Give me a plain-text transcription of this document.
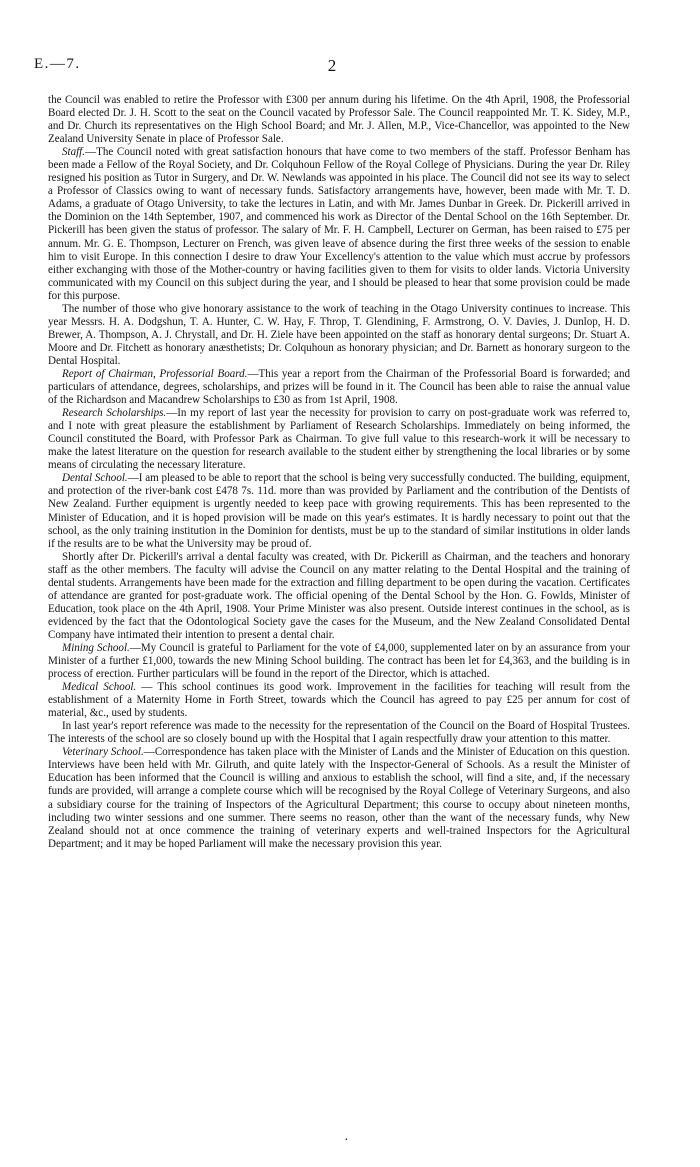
E.—7.	2

the Council was enabled to retire the Professor with £300 per annum during his lifetime. On the 4th April, 1908, the Professorial Board elected Dr. J. H. Scott to the seat on the Council vacated by Professor Sale. The Council reappointed Mr. T. K. Sidey, M.P., and Dr. Church its representatives on the High School Board; and Mr. J. Allen, M.P., Vice-Chancellor, was appointed to the New Zealand University Senate in place of Professor Sale.

Staff.—The Council noted with great satisfaction honours that have come to two members of the staff. Professor Benham has been made a Fellow of the Royal Society, and Dr. Colquhoun Fellow of the Royal College of Physicians. During the year Dr. Riley resigned his position as Tutor in Surgery, and Dr. W. Newlands was appointed in his place. The Council did not see its way to select a Professor of Classics owing to want of necessary funds. Satisfactory arrangements have, however, been made with Mr. T. D. Adams, a graduate of Otago University, to take the lectures in Latin, and with Mr. James Dunbar in Greek. Dr. Pickerill arrived in the Dominion on the 14th September, 1907, and commenced his work as Director of the Dental School on the 16th September. Dr. Pickerill has been given the status of professor. The salary of Mr. F. H. Campbell, Lecturer on German, has been raised to £75 per annum. Mr. G. E. Thompson, Lecturer on French, was given leave of absence during the first three weeks of the session to enable him to visit Europe. In this connection I desire to draw Your Excellency's attention to the value which must accrue by professors either exchanging with those of the Mother-country or having facilities given to them for visits to older lands. Victoria University communicated with my Council on this subject during the year, and I should be pleased to hear that some provision could be made for this purpose.

The number of those who give honorary assistance to the work of teaching in the Otago University continues to increase. This year Messrs. H. A. Dodgshun, T. A. Hunter, C. W. Hay, F. Throp, T. Glendining, F. Armstrong, O. V. Davies, J. Dunlop, H. D. Brewer, A. Thompson, A. J. Chrystall, and Dr. H. Ziele have been appointed on the staff as honorary dental surgeons; Dr. Stuart A. Moore and Dr. Fitchett as honorary anæsthetists; Dr. Colquhoun as honorary physician; and Dr. Barnett as honorary surgeon to the Dental Hospital.

Report of Chairman, Professorial Board.—This year a report from the Chairman of the Professorial Board is forwarded; and particulars of attendance, degrees, scholarships, and prizes will be found in it. The Council has been able to raise the annual value of the Richardson and Macandrew Scholarships to £30 as from 1st April, 1908.

Research Scholarships.—In my report of last year the necessity for provision to carry on post-graduate work was referred to, and I note with great pleasure the establishment by Parliament of Research Scholarships. Immediately on being informed, the Council constituted the Board, with Professor Park as Chairman. To give full value to this research-work it will be necessary to make the latest literature on the question for research available to the student either by strengthening the local libraries or by some means of circulating the necessary literature.

Dental School.—I am pleased to be able to report that the school is being very successfully conducted. The building, equipment, and protection of the river-bank cost £478 7s. 11d. more than was provided by Parliament and the contribution of the Dentists of New Zealand. Further equipment is urgently needed to keep pace with growing requirements. This has been represented to the Minister of Education, and it is hoped provision will be made on this year's estimates. It is hardly necessary to point out that the school, as the only training institution in the Dominion for dentists, must be up to the standard of similar institutions in older lands if the results are to be what the University may be proud of.

Shortly after Dr. Pickerill's arrival a dental faculty was created, with Dr. Pickerill as Chairman, and the teachers and honorary staff as the other members. The faculty will advise the Council on any matter relating to the Dental Hospital and the training of dental students. Arrangements have been made for the extraction and filling department to be open during the vacation. Certificates of attendance are granted for post-graduate work. The official opening of the Dental School by the Hon. G. Fowlds, Minister of Education, took place on the 4th April, 1908. Your Prime Minister was also present. Outside interest continues in the school, as is evidenced by the fact that the Odontological Society gave the cases for the Museum, and the New Zealand Consolidated Dental Company have intimated their intention to present a dental chair.

Mining School.—My Council is grateful to Parliament for the vote of £4,000, supplemented later on by an assurance from your Minister of a further £1,000, towards the new Mining School building. The contract has been let for £4,363, and the building is in process of erection. Further particulars will be found in the report of the Director, which is attached.

Medical School. — This school continues its good work. Improvement in the facilities for teaching will result from the establishment of a Maternity Home in Forth Street, towards which the Council has agreed to pay £25 per annum for cost of material, &c., used by students.

In last year's report reference was made to the necessity for the representation of the Council on the Board of Hospital Trustees. The interests of the school are so closely bound up with the Hospital that I again respectfully draw your attention to this matter.

Veterinary School.—Correspondence has taken place with the Minister of Lands and the Minister of Education on this question. Interviews have been held with Mr. Gilruth, and quite lately with the Inspector-General of Schools. As a result the Minister of Education has been informed that the Council is willing and anxious to establish the school, will find a site, and, if the necessary funds are provided, will arrange a complete course which will be recognised by the Royal College of Veterinary Surgeons, and also a subsidiary course for the training of Inspectors of the Agricultural Department; this course to occupy about nineteen months, including two winter sessions and one summer. There seems no reason, other than the want of the necessary funds, why New Zealand should not at once commence the training of veterinary experts and well-trained Inspectors for the Agricultural Department; and it may be hoped Parliament will make the necessary provision this year.

·
